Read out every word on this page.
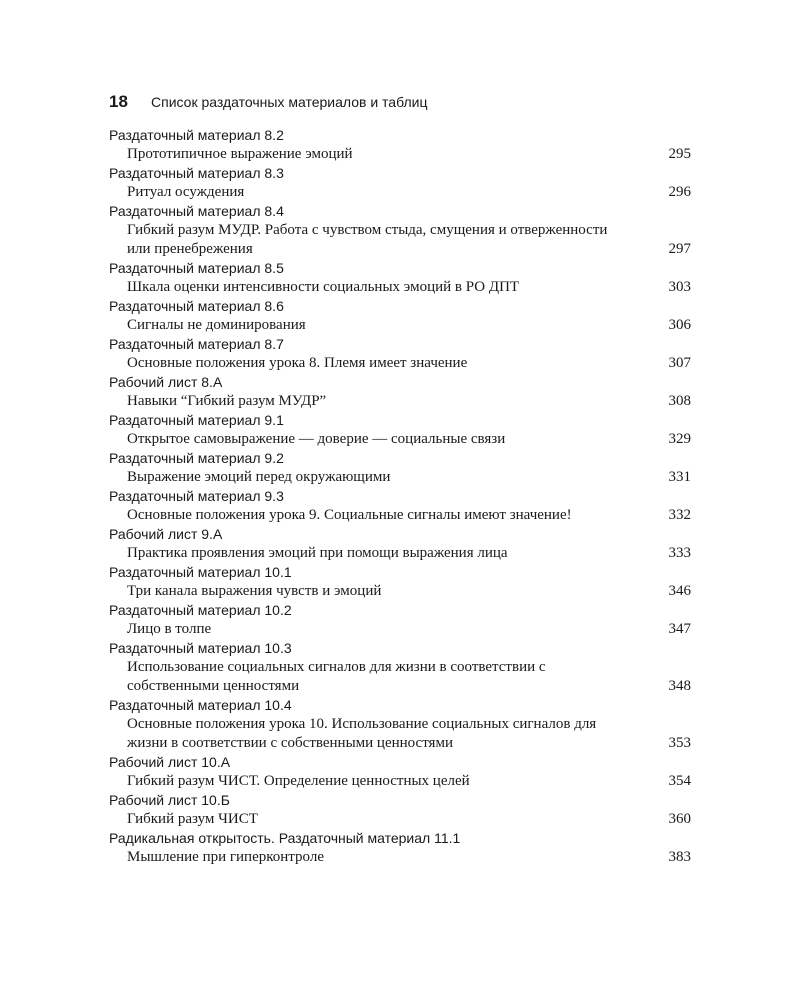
18	Список раздаточных материалов и таблиц
Раздаточный материал 8.2
Прототипичное выражение эмоций	295
Раздаточный материал 8.3
Ритуал осуждения	296
Раздаточный материал 8.4
Гибкий разум МУДР. Работа с чувством стыда, смущения и отверженности или пренебрежения	297
Раздаточный материал 8.5
Шкала оценки интенсивности социальных эмоций в РО ДПТ	303
Раздаточный материал 8.6
Сигналы не доминирования	306
Раздаточный материал 8.7
Основные положения урока 8. Племя имеет значение	307
Рабочий лист 8.А
Навыки “Гибкий разум МУДР”	308
Раздаточный материал 9.1
Открытое самовыражение — доверие — социальные связи	329
Раздаточный материал 9.2
Выражение эмоций перед окружающими	331
Раздаточный материал 9.3
Основные положения урока 9. Социальные сигналы имеют значение!	332
Рабочий лист 9.А
Практика проявления эмоций при помощи выражения лица	333
Раздаточный материал 10.1
Три канала выражения чувств и эмоций	346
Раздаточный материал 10.2
Лицо в толпе	347
Раздаточный материал 10.3
Использование социальных сигналов для жизни в соответствии с собственными ценностями	348
Раздаточный материал 10.4
Основные положения урока 10. Использование социальных сигналов для жизни в соответствии с собственными ценностями	353
Рабочий лист 10.А
Гибкий разум ЧИСТ. Определение ценностных целей	354
Рабочий лист 10.Б
Гибкий разум ЧИСТ	360
Радикальная открытость. Раздаточный материал 11.1
Мышление при гиперконтроле	383
